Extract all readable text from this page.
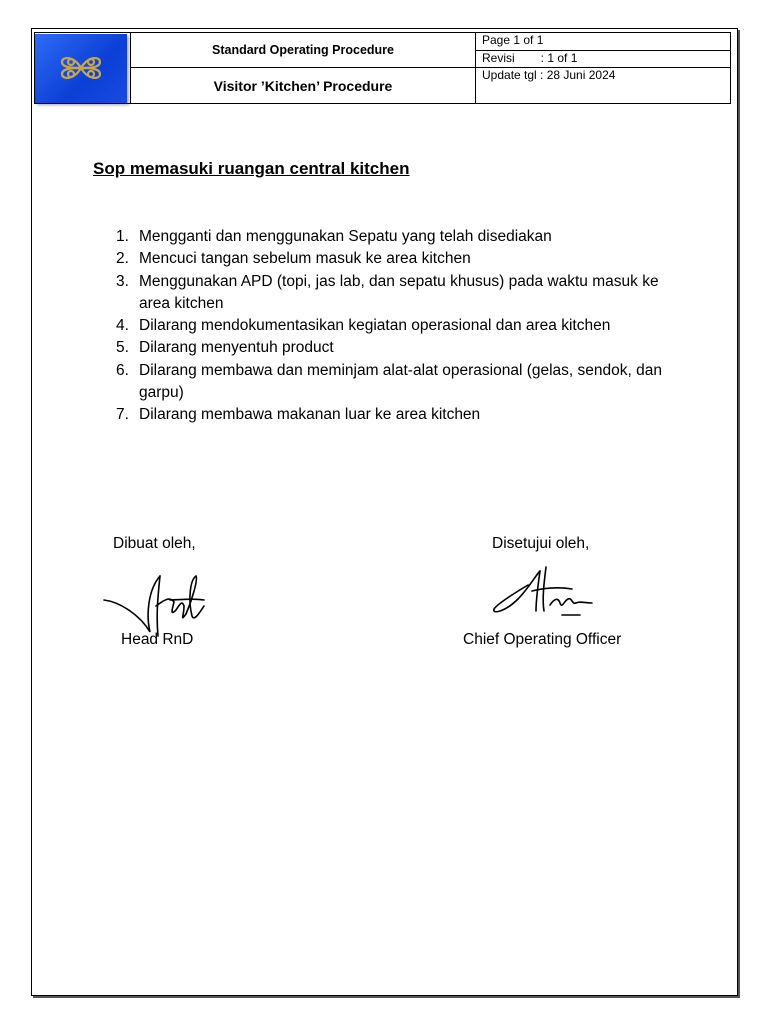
	Standard Operating Procedure	Page 1 of 1
		Revisi : 1 of 1
	Visitor ’Kitchen’ Procedure	Update tgl : 28 Juni 2024
Sop memasuki ruangan central kitchen
1. Mengganti dan menggunakan Sepatu yang telah disediakan
2. Mencuci tangan sebelum masuk ke area kitchen
3. Menggunakan APD (topi, jas lab, dan sepatu khusus) pada waktu masuk ke area kitchen
4. Dilarang mendokumentasikan kegiatan operasional dan area kitchen
5. Dilarang menyentuh product
6. Dilarang membawa dan meminjam alat-alat operasional (gelas, sendok, dan garpu)
7. Dilarang membawa makanan luar ke area kitchen
Dibuat oleh,
Head RnD
Disetujui oleh,
Chief Operating Officer
